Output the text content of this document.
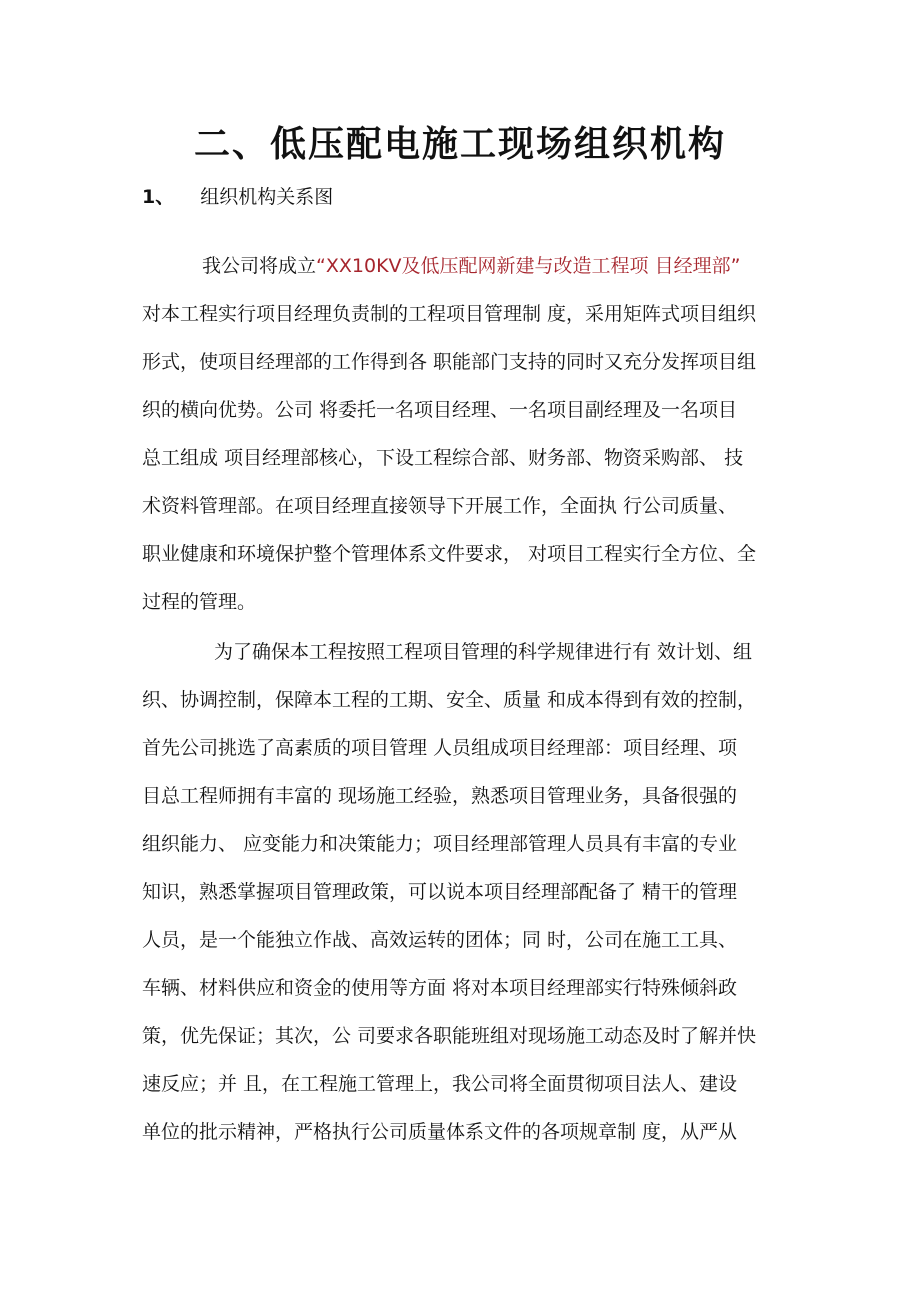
二、低压配电施工现场组织机构
1、 组织机构关系图
我公司将成立“XX10KV及低压配网新建与改造工程项 目经理部”
对本工程实行项目经理负责制的工程项目管理制 度，采用矩阵式项目组织
形式，使项目经理部的工作得到各 职能部门支持的同时又充分发挥项目组
织的横向优势。公司 将委托一名项目经理、一名项目副经理及一名项目
总工组成 项目经理部核心，下设工程综合部、财务部、物资采购部、 技
术资料管理部。在项目经理直接领导下开展工作，全面执 行公司质量、
职业健康和环境保护整个管理体系文件要求， 对项目工程实行全方位、全
过程的管理。
为了确保本工程按照工程项目管理的科学规律进行有 效计划、组
织、协调控制，保障本工程的工期、安全、质量 和成本得到有效的控制，
首先公司挑选了高素质的项目管理 人员组成项目经理部：项目经理、项
目总工程师拥有丰富的 现场施工经验，熟悉项目管理业务，具备很强的
组织能力、 应变能力和决策能力；项目经理部管理人员具有丰富的专业
知识，熟悉掌握项目管理政策，可以说本项目经理部配备了 精干的管理
人员，是一个能独立作战、高效运转的团体；同 时，公司在施工工具、
车辆、材料供应和资金的使用等方面 将对本项目经理部实行特殊倾斜政
策，优先保证；其次，公 司要求各职能班组对现场施工动态及时了解并快
速反应；并 且，在工程施工管理上，我公司将全面贯彻项目法人、建设
单位的批示精神，严格执行公司质量体系文件的各项规章制 度，从严从
